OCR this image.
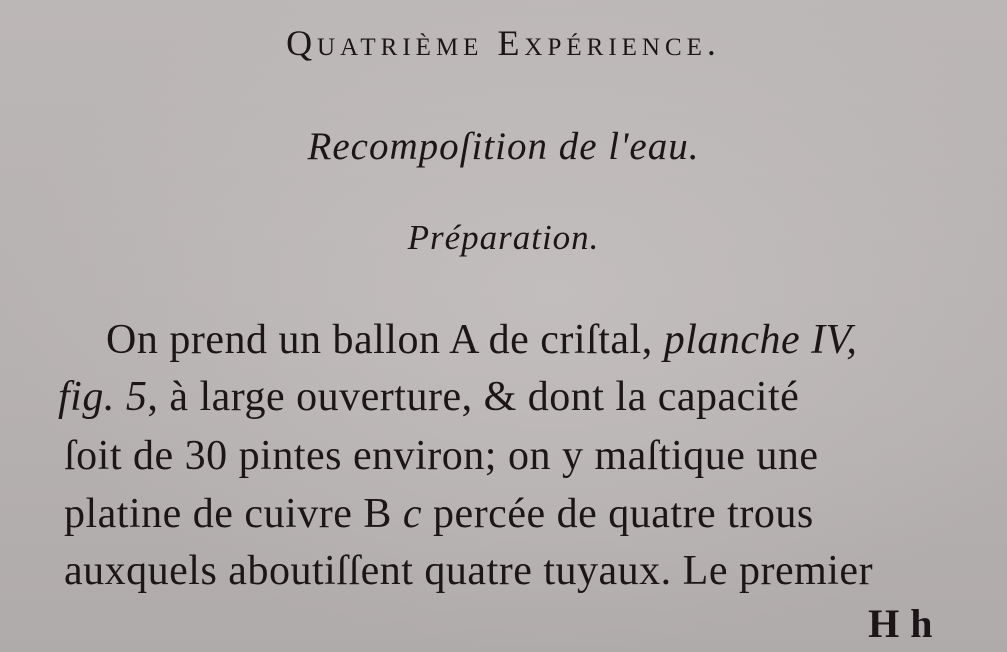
Quatrième Expérience.
Recompoſition de l'eau.
Préparation.
On prend un ballon A de criſtal, planche IV,
fig. 5, à large ouverture, & dont la capacité
ſoit de 30 pintes environ; on y maſtique une
platine de cuivre B c percée de quatre trous
auxquels aboutiſſent quatre tuyaux. Le premier
H h
